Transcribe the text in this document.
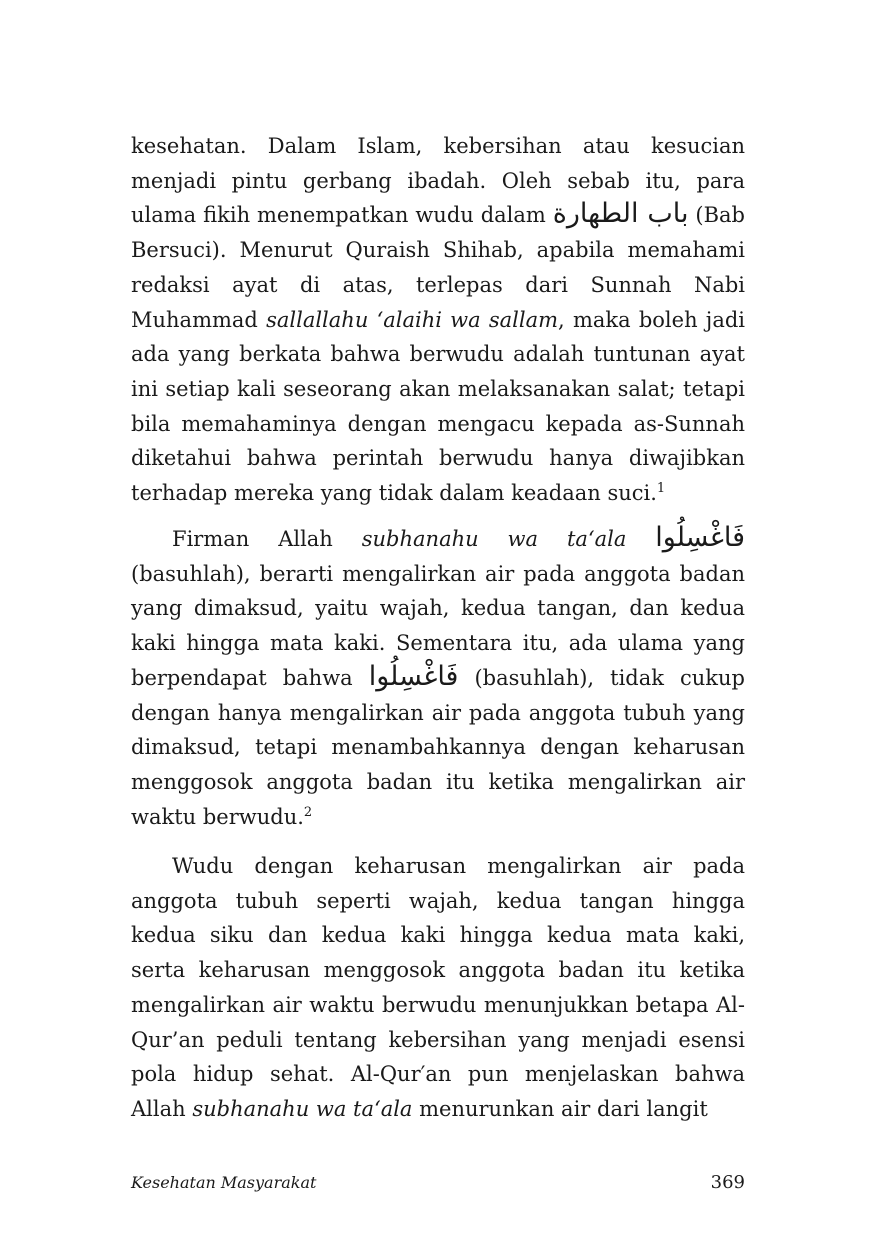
kesehatan. Dalam Islam, kebersihan atau kesucian menjadi pintu gerbang ibadah. Oleh sebab itu, para ulama fikih menempatkan wudu dalam باب الطهارة (Bab Bersuci). Menurut Quraish Shihab, apabila memahami redaksi ayat di atas, terlepas dari Sunnah Nabi Muhammad sallallahu ‘alaihi wa sallam, maka boleh jadi ada yang berkata bahwa berwudu adalah tuntunan ayat ini setiap kali seseorang akan melaksanakan salat; tetapi bila memahaminya dengan mengacu kepada as-Sunnah diketahui bahwa perintah berwudu hanya diwajibkan terhadap mereka yang tidak dalam keadaan suci.$^1$

Firman Allah subhanahu wa ta‘ala فَاغْسِلُوا (basuhlah), berarti mengalirkan air pada anggota badan yang dimaksud, yaitu wajah, kedua tangan, dan kedua kaki hingga mata kaki. Sementara itu, ada ulama yang berpendapat bahwa فَاغْسِلُوا (basuhlah), tidak cukup dengan hanya mengalirkan air pada anggota tubuh yang dimaksud, tetapi menambahkannya dengan keharusan menggosok anggota badan itu ketika mengalirkan air waktu berwudu.$^2$

Wudu dengan keharusan mengalirkan air pada anggota tubuh seperti wajah, kedua tangan hingga kedua siku dan kedua kaki hingga kedua mata kaki, serta keharusan menggosok anggota badan itu ketika mengalirkan air waktu berwudu menunjukkan betapa Al-Qur’an peduli tentang kebersihan yang menjadi esensi pola hidup sehat. Al-Qur′an pun menjelaskan bahwa Allah subhanahu wa ta‘ala menurunkan air dari langit

Kesehatan Masyarakat	369
